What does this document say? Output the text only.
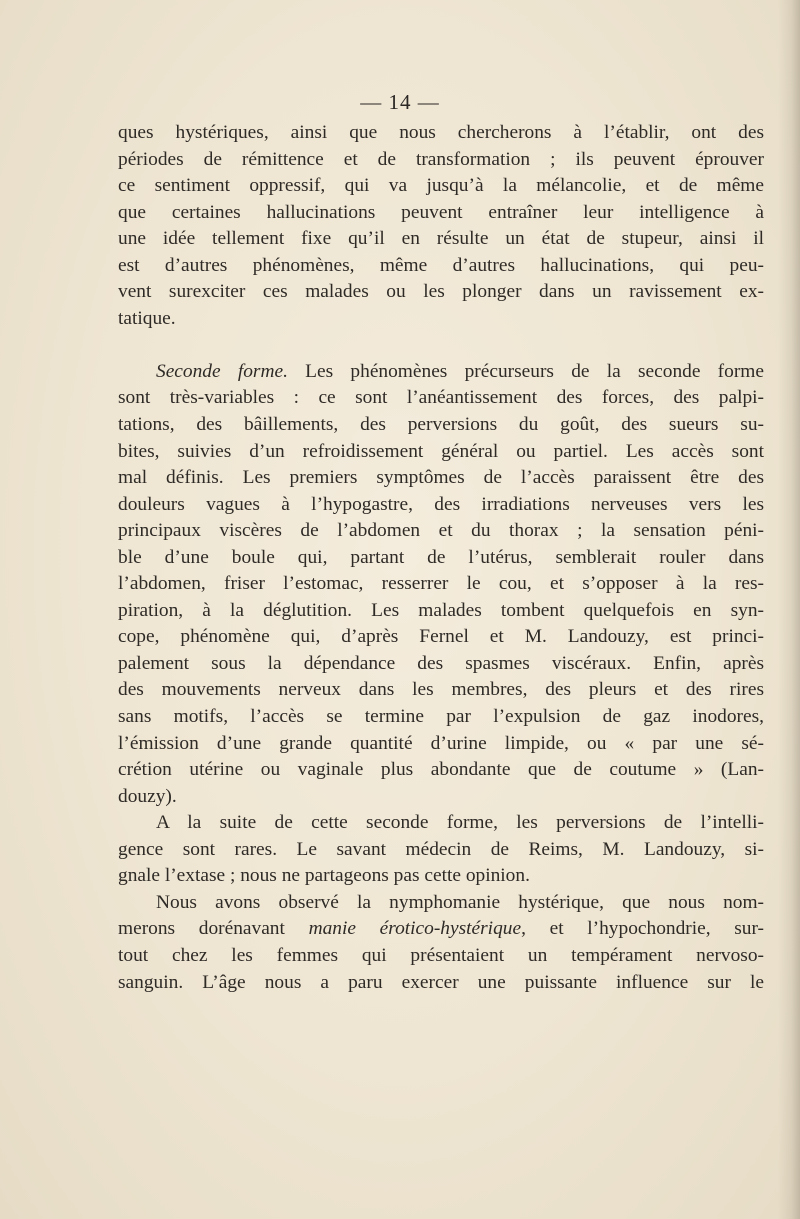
— 14 —
ques hystériques, ainsi que nous chercherons à l’établir, ont des
périodes de rémittence et de transformation ; ils peuvent éprouver
ce sentiment oppressif, qui va jusqu’à la mélancolie, et de même
que certaines hallucinations peuvent entraîner leur intelligence à
une idée tellement fixe qu’il en résulte un état de stupeur, ainsi il
est d’autres phénomènes, même d’autres hallucinations, qui peu-
vent surexciter ces malades ou les plonger dans un ravissement ex-
tatique.
Seconde forme. Les phénomènes précurseurs de la seconde forme
sont très-variables : ce sont l’anéantissement des forces, des palpi-
tations, des bâillements, des perversions du goût, des sueurs su-
bites, suivies d’un refroidissement général ou partiel. Les accès sont
mal définis. Les premiers symptômes de l’accès paraissent être des
douleurs vagues à l’hypogastre, des irradiations nerveuses vers les
principaux viscères de l’abdomen et du thorax ; la sensation péni-
ble d’une boule qui, partant de l’utérus, semblerait rouler dans
l’abdomen, friser l’estomac, resserrer le cou, et s’opposer à la res-
piration, à la déglutition. Les malades tombent quelquefois en syn-
cope, phénomène qui, d’après Fernel et M. Landouzy, est princi-
palement sous la dépendance des spasmes viscéraux. Enfin, après
des mouvements nerveux dans les membres, des pleurs et des rires
sans motifs, l’accès se termine par l’expulsion de gaz inodores,
l’émission d’une grande quantité d’urine limpide, ou « par une sé-
crétion utérine ou vaginale plus abondante que de coutume » (Lan-
douzy).
A la suite de cette seconde forme, les perversions de l’intelli-
gence sont rares. Le savant médecin de Reims, M. Landouzy, si-
gnale l’extase ; nous ne partageons pas cette opinion.
Nous avons observé la nymphomanie hystérique, que nous nom-
merons dorénavant manie érotico-hystérique, et l’hypochondrie, sur-
tout chez les femmes qui présentaient un tempérament nervoso-
sanguin. L’âge nous a paru exercer une puissante influence sur le
